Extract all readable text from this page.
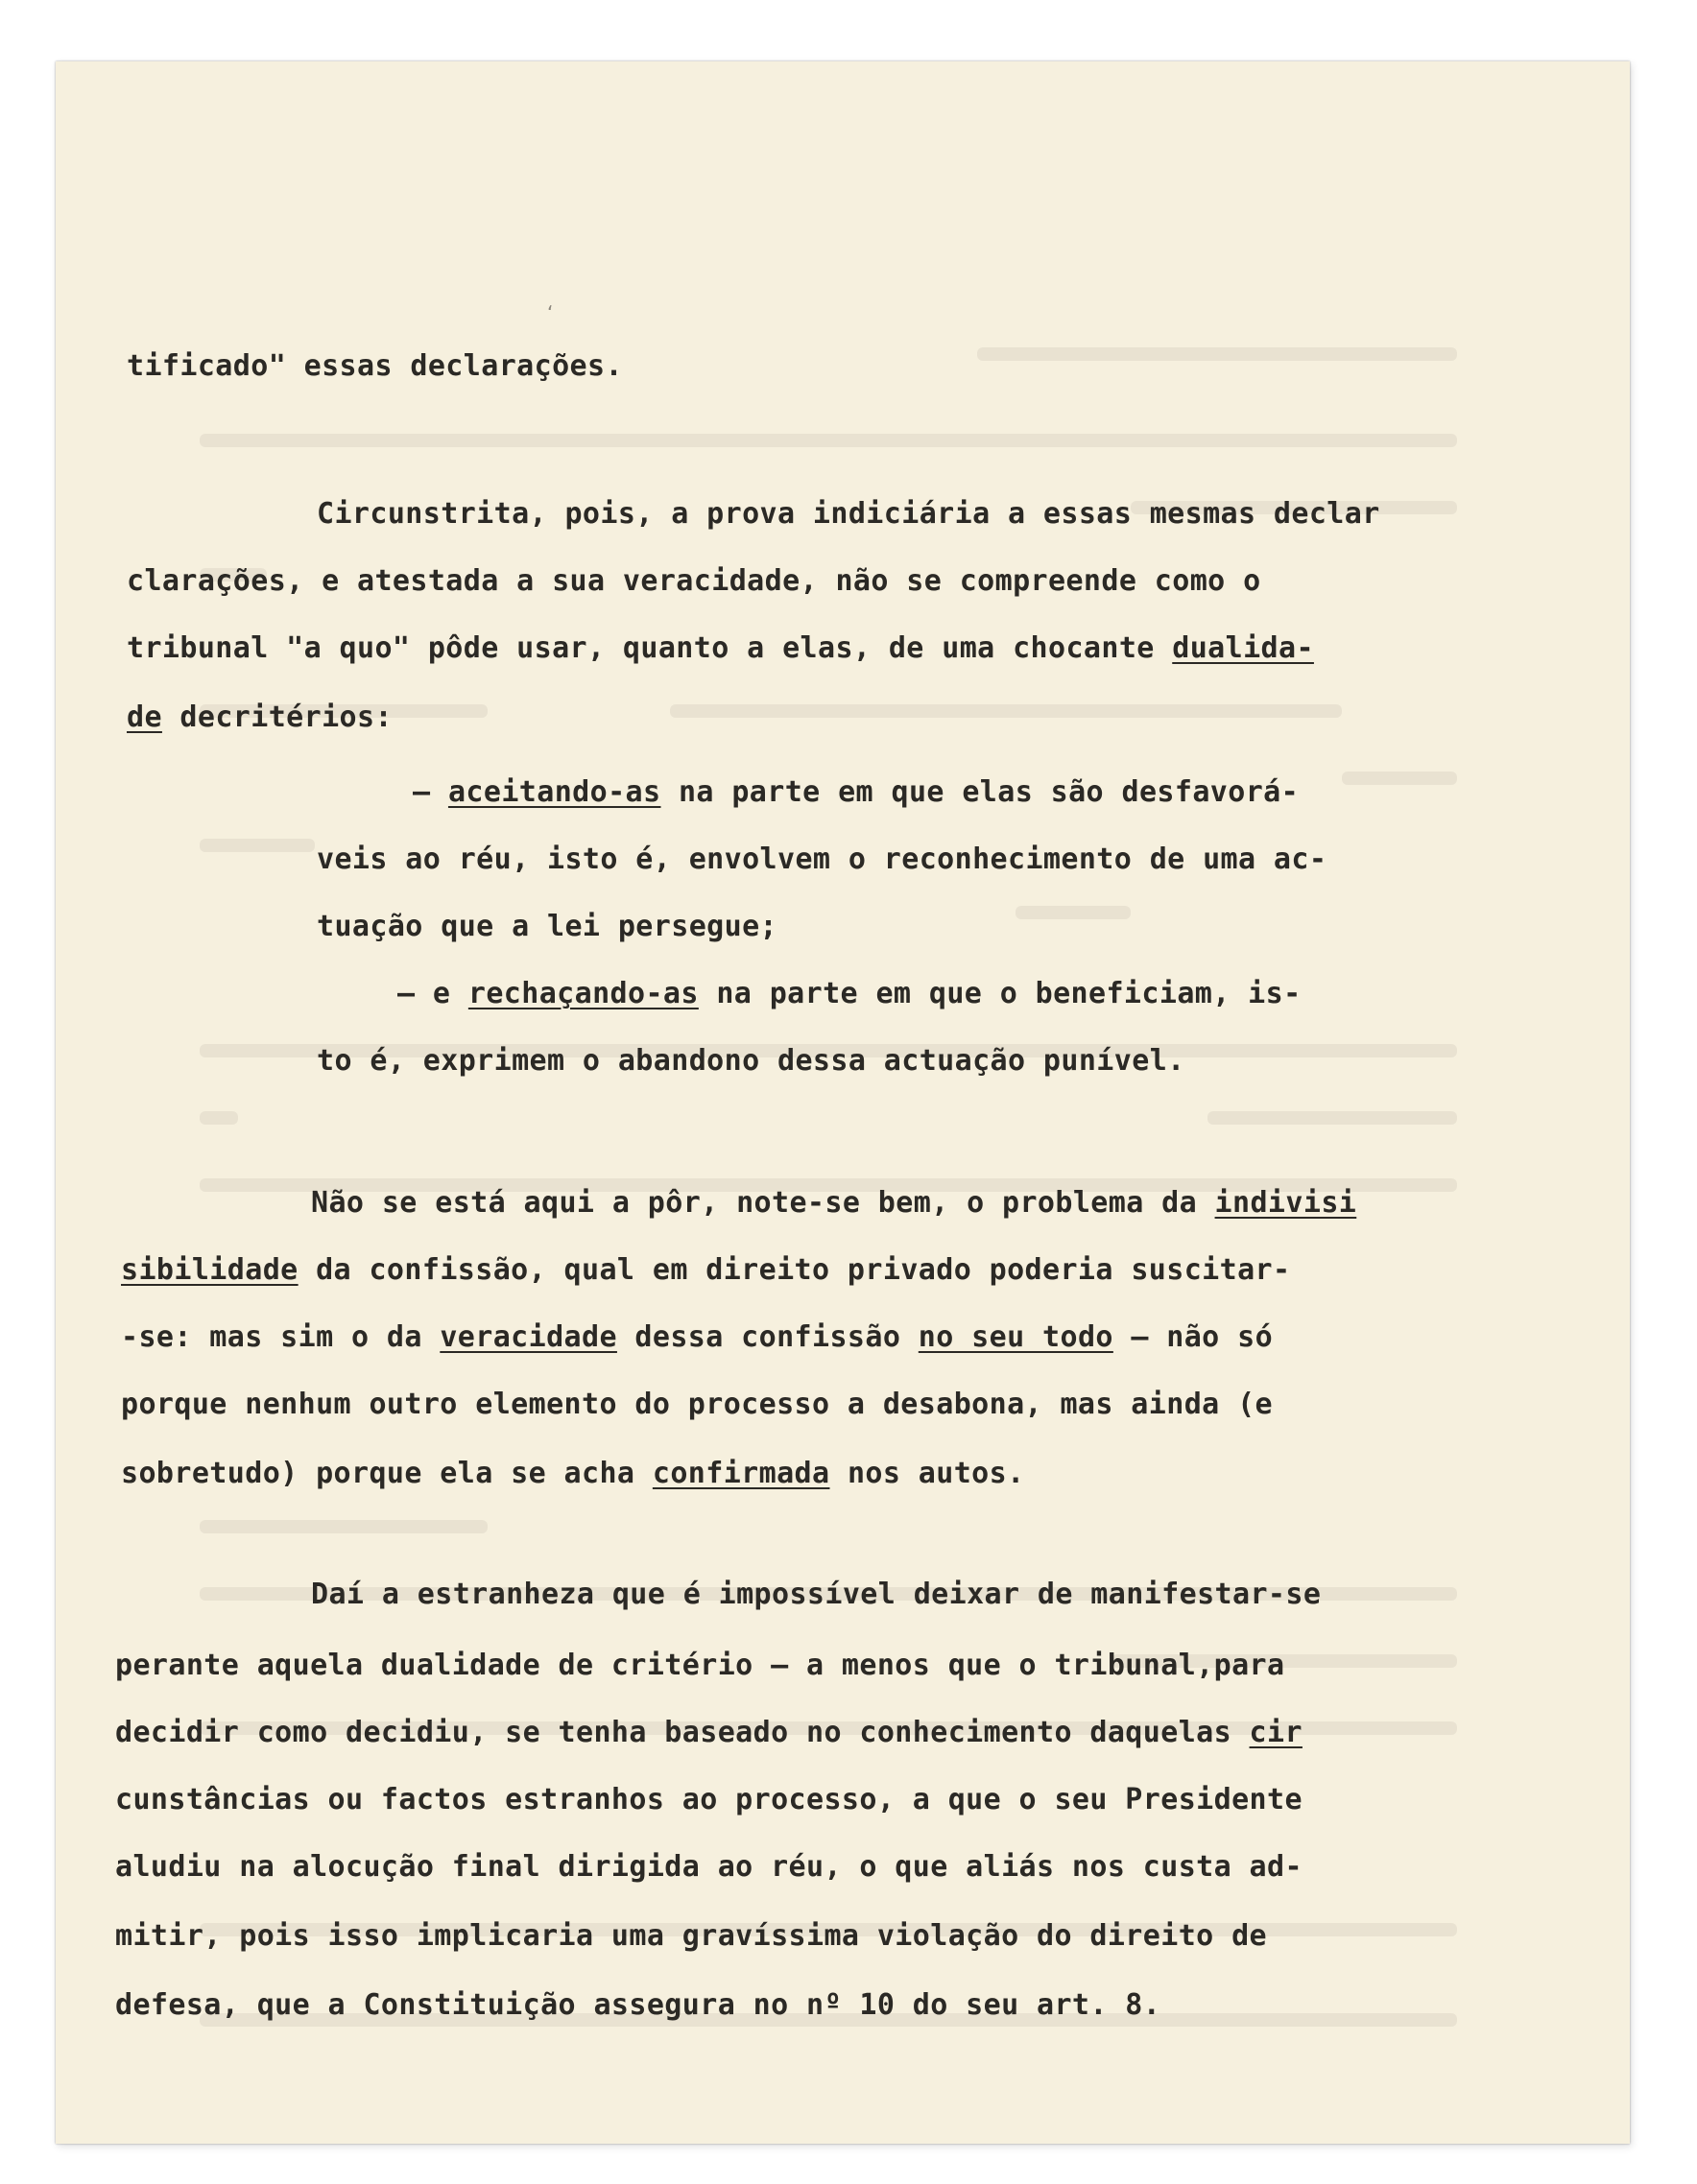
ʻ
tificado" essas declarações.
Circunstrita, pois, a prova indiciária a essas mesmas declar
clarações, e atestada a sua veracidade, não se compreende como o
tribunal "a quo" pôde usar, quanto a elas, de uma chocante dualida-
de decritérios:
— aceitando-as na parte em que elas são desfavorá-
veis ao réu, isto é, envolvem o reconhecimento de uma ac-
tuação que a lei persegue;
— e rechaçando-as na parte em que o beneficiam, is-
to é, exprimem o abandono dessa actuação punível.
Não se está aqui a pôr, note-se bem, o problema da indivisi
sibilidade da confissão, qual em direito privado poderia suscitar-
-se: mas sim o da veracidade dessa confissão no seu todo — não só
porque nenhum outro elemento do processo a desabona, mas ainda (e
sobretudo) porque ela se acha confirmada nos autos.
Daí a estranheza que é impossível deixar de manifestar-se
perante aquela dualidade de critério — a menos que o tribunal,para
decidir como decidiu, se tenha baseado no conhecimento daquelas cir
cunstâncias ou factos estranhos ao processo, a que o seu Presidente
aludiu na alocução final dirigida ao réu, o que aliás nos custa ad-
mitir, pois isso implicaria uma gravíssima violação do direito de
defesa, que a Constituição assegura no nº 10 do seu art. 8.
